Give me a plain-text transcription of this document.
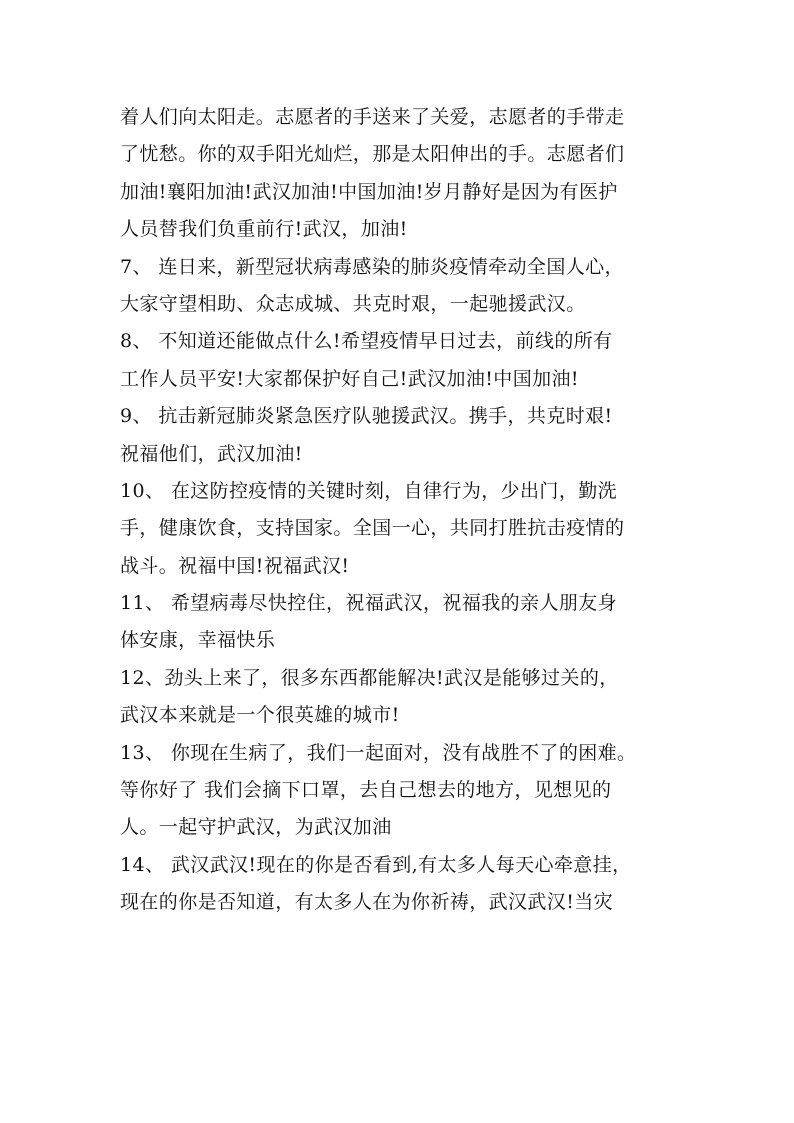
着人们向太阳走。志愿者的手送来了关爱，志愿者的手带走
了忧愁。你的双手阳光灿烂，那是太阳伸出的手。志愿者们
加油!襄阳加油!武汉加油!中国加油!岁月静好是因为有医护
人员替我们负重前行!武汉，加油!
7、 连日来，新型冠状病毒感染的肺炎疫情牵动全国人心，
大家守望相助、众志成城、共克时艰，一起驰援武汉。
8、 不知道还能做点什么!希望疫情早日过去，前线的所有
工作人员平安!大家都保护好自己!武汉加油!中国加油!
9、 抗击新冠肺炎紧急医疗队驰援武汉。携手，共克时艰!
祝福他们，武汉加油!
10、 在这防控疫情的关键时刻，自律行为，少出门，勤洗
手，健康饮食，支持国家。全国一心，共同打胜抗击疫情的
战斗。祝福中国!祝福武汉!
11、 希望病毒尽快控住，祝福武汉，祝福我的亲人朋友身
体安康，幸福快乐
12、劲头上来了，很多东西都能解决!武汉是能够过关的，
武汉本来就是一个很英雄的城市!
13、 你现在生病了，我们一起面对，没有战胜不了的困难。
等你好了 我们会摘下口罩，去自己想去的地方，见想见的
人。一起守护武汉，为武汉加油
14、 武汉武汉!现在的你是否看到,有太多人每天心牵意挂，
现在的你是否知道，有太多人在为你祈祷，武汉武汉!当灾
